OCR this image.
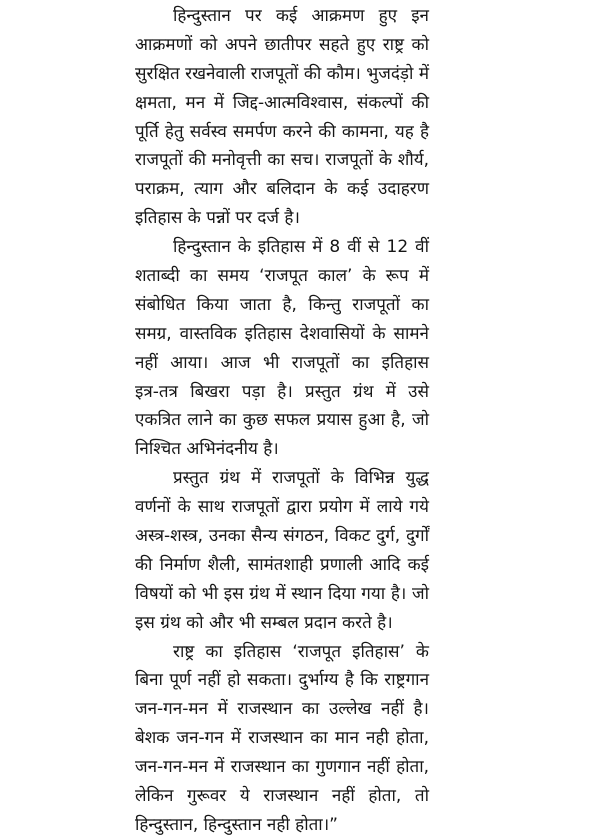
हिन्दुस्तान पर कई आक्रमण हुए इन
आक्रमणों को अपने छातीपर सहते हुए राष्ट्र को
सुरक्षित रखनेवाली राजपूतों की कौम। भुजदंड़ो में
क्षमता, मन में जिद्द-आत्मविश्वास, संकल्पों की
पूर्ति हेतु सर्वस्व समर्पण करने की कामना, यह है
राजपूतों की मनोवृत्ती का सच। राजपूतों के शौर्य,
पराक्रम, त्याग और बलिदान के कई उदाहरण
इतिहास के पन्नों पर दर्ज है।
हिन्दुस्तान के इतिहास में 8 वीं से 12 वीं
शताब्दी का समय ‘राजपूत काल’ के रूप में
संबोधित किया जाता है, किन्तु राजपूतों का
समग्र, वास्तविक इतिहास देशवासियों के सामने
नहीं आया। आज भी राजपूतों का इतिहास
इत्र-तत्र बिखरा पड़ा है। प्रस्तुत ग्रंथ में उसे
एकत्रित लाने का कुछ सफल प्रयास हुआ है, जो
निश्चित अभिनंदनीय है।
प्रस्तुत ग्रंथ में राजपूतों के विभिन्न युद्ध
वर्णनों के साथ राजपूतों द्वारा प्रयोग में लाये गये
अस्त्र-शस्त्र, उनका सैन्य संगठन, विकट दुर्ग, दुर्गों
की निर्माण शैली, सामंतशाही प्रणाली आदि कई
विषयों को भी इस ग्रंथ में स्थान दिया गया है। जो
इस ग्रंथ को और भी सम्बल प्रदान करते है।
राष्ट्र का इतिहास ‘राजपूत इतिहास’ के
बिना पूर्ण नहीं हो सकता। दुर्भाग्य है कि राष्ट्रगान
जन-गन-मन में राजस्थान का उल्लेख नहीं है।
बेशक जन-गन में राजस्थान का मान नही होता,
जन-गन-मन में राजस्थान का गुणगान नहीं होता,
लेकिन गुरूवर ये राजस्थान नहीं होता, तो
हिन्दुस्तान, हिन्दुस्तान नही होता।”
